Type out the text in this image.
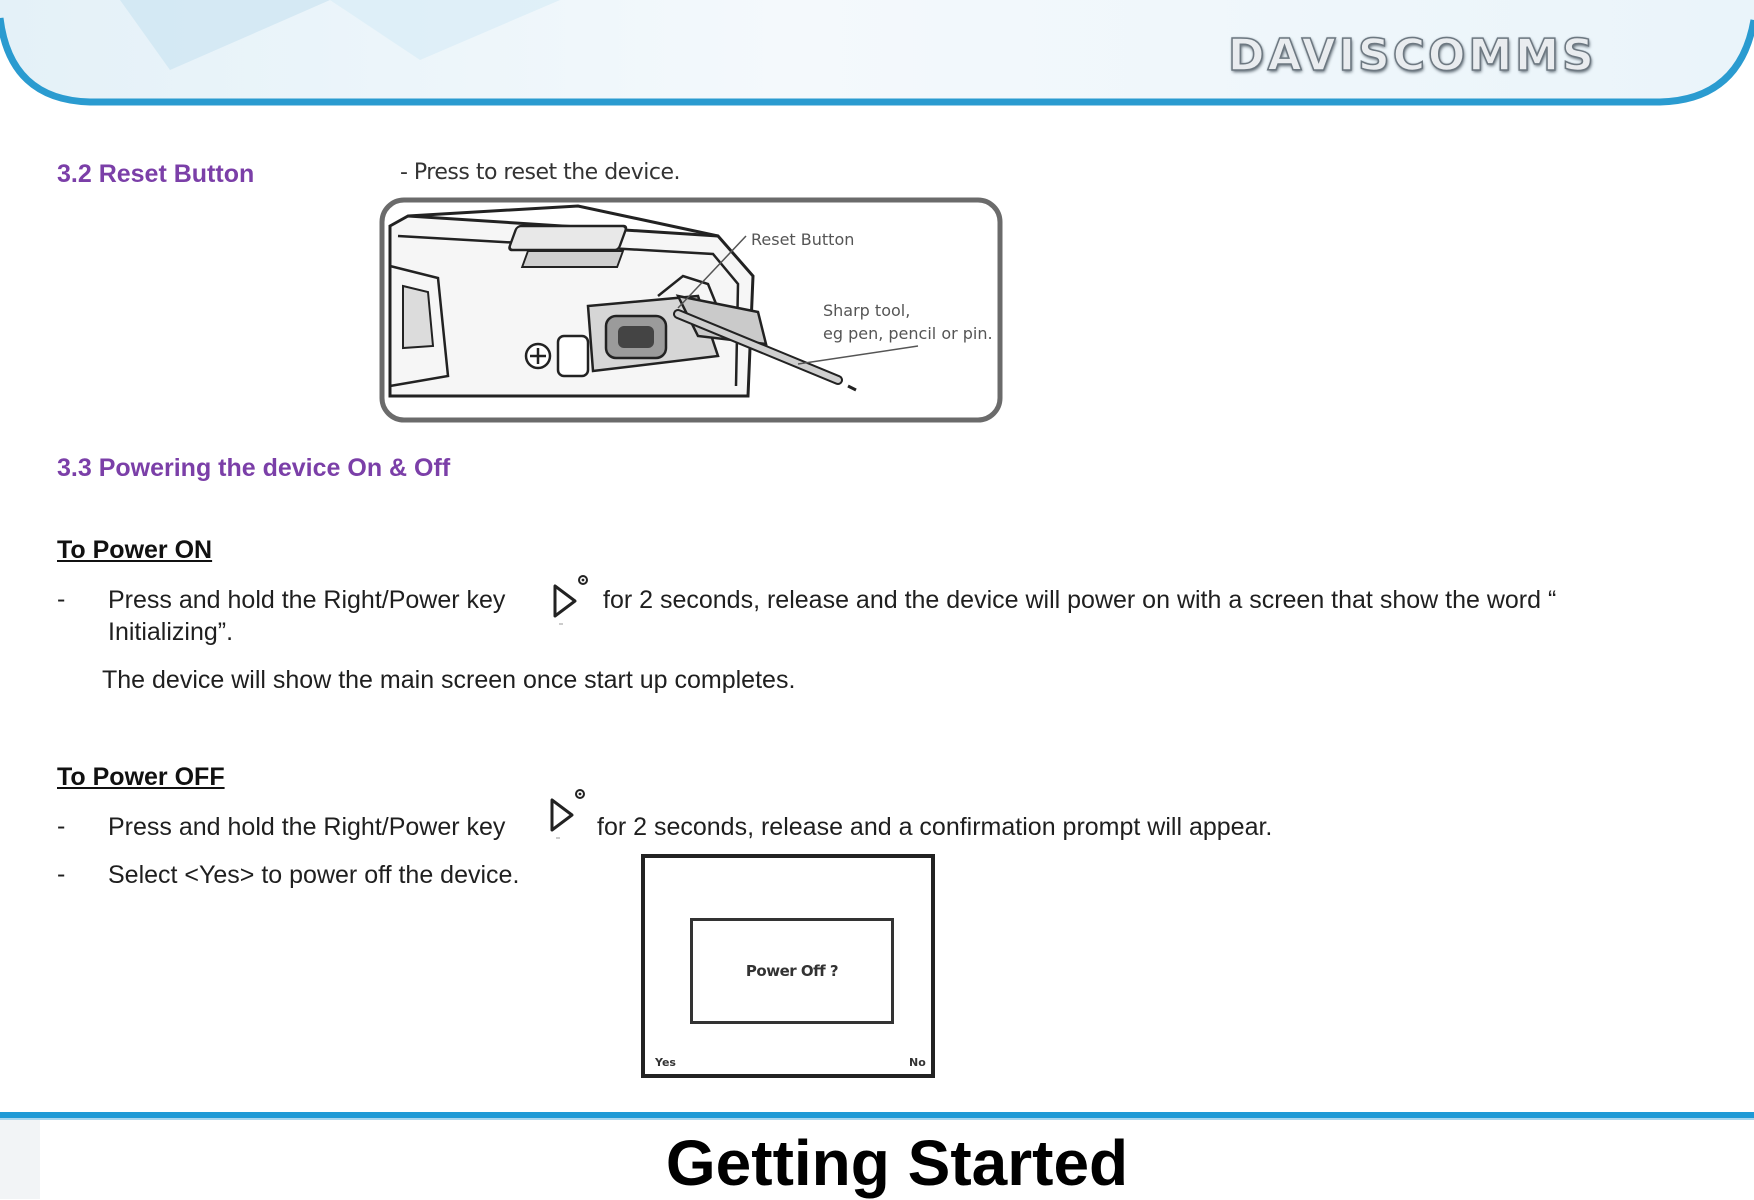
DAVISCOMMS
3.2 Reset Button	- Press to reset the device.
Reset Button
Sharp tool,
eg pen, pencil or pin.
3.3 Powering the device On & Off
To Power ON
- Press and hold the Right/Power key	for 2 seconds, release and the device will power on with a screen that show the word “
Initializing”.
The device will show the main screen once start up completes.
To Power OFF
- Press and hold the Right/Power key	for 2 seconds, release and a confirmation prompt will appear.
- Select <Yes> to power off the device.
Power Off ?
Yes	No
Getting Started
